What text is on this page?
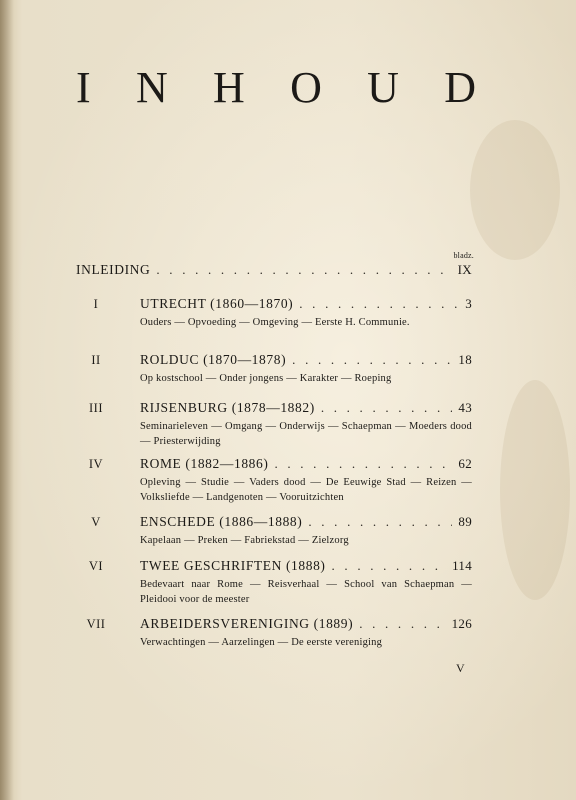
I N H O U D
bladz.
INLEIDING . . .	IX
I	UTRECHT (1860—1870) . . .	3
Ouders — Opvoeding — Omgeving — Eerste H. Communie.
II	ROLDUC (1870—1878) . . .	18
Op kostschool — Onder jongens — Karakter — Roeping
III	RIJSENBURG (1878—1882) . . .	43
Seminarieleven — Omgang — Onderwijs — Schaepman — Moeders dood — Priesterwijding
IV	ROME (1882—1886) . . .	62
Opleving — Studie — Vaders dood — De Eeuwige Stad — Reizen — Volksliefde — Landgenoten — Vooruitzichten
V	ENSCHEDE (1886—1888) . . .	89
Kapelaan — Preken — Fabriekstad — Zielzorg
VI	TWEE GESCHRIFTEN (1888) . . .	114
Bedevaart naar Rome — Reisverhaal — School van Schaepman — Pleidooi voor de meester
VII	ARBEIDERSVERENIGING (1889) . . .	126
Verwachtingen — Aarzelingen — De eerste vereniging
V
